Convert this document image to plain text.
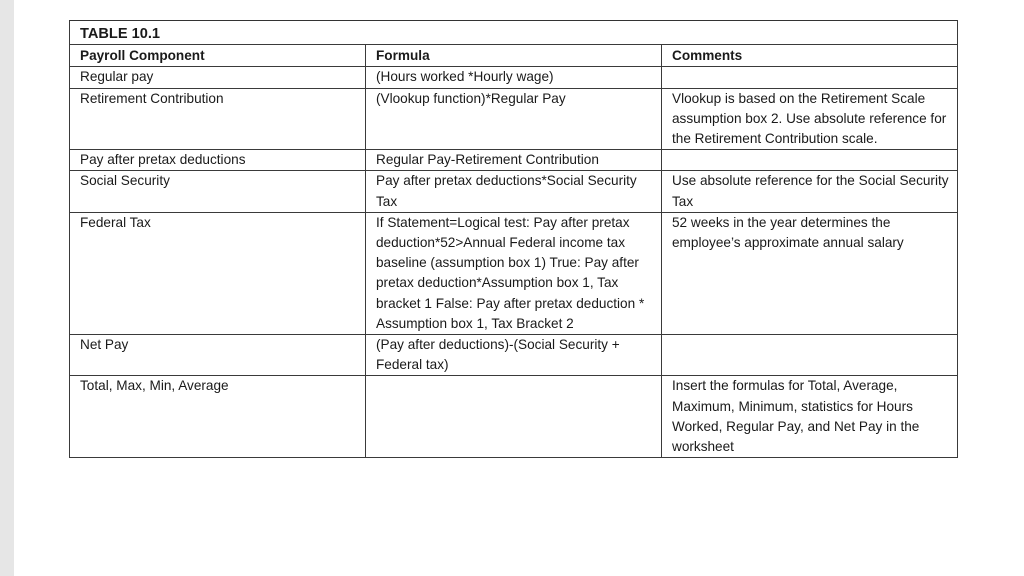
TABLE 10.1		
Payroll Component	Formula	Comments
Regular pay	(Hours worked *Hourly wage)	
Retirement Contribution	(Vlookup function)*Regular Pay	Vlookup is based on the Retirement Scale assumption box 2. Use absolute reference for the Retirement Contribution scale.
Pay after pretax deductions	Regular Pay-Retirement Contribution	
Social Security	Pay after pretax deductions*Social Security Tax	Use absolute reference for the Social Security Tax
Federal Tax	If Statement=Logical test: Pay after pretax deduction*52>Annual Federal income tax baseline (assumption box 1) True: Pay after pretax deduction*Assumption box 1, Tax bracket 1 False: Pay after pretax deduction * Assumption box 1, Tax Bracket 2	52 weeks in the year determines the employee’s approximate annual salary
Net Pay	(Pay after deductions)-(Social Security + Federal tax)	
Total, Max, Min, Average		Insert the formulas for Total, Average, Maximum, Minimum, statistics for Hours Worked, Regular Pay, and Net Pay in the worksheet
